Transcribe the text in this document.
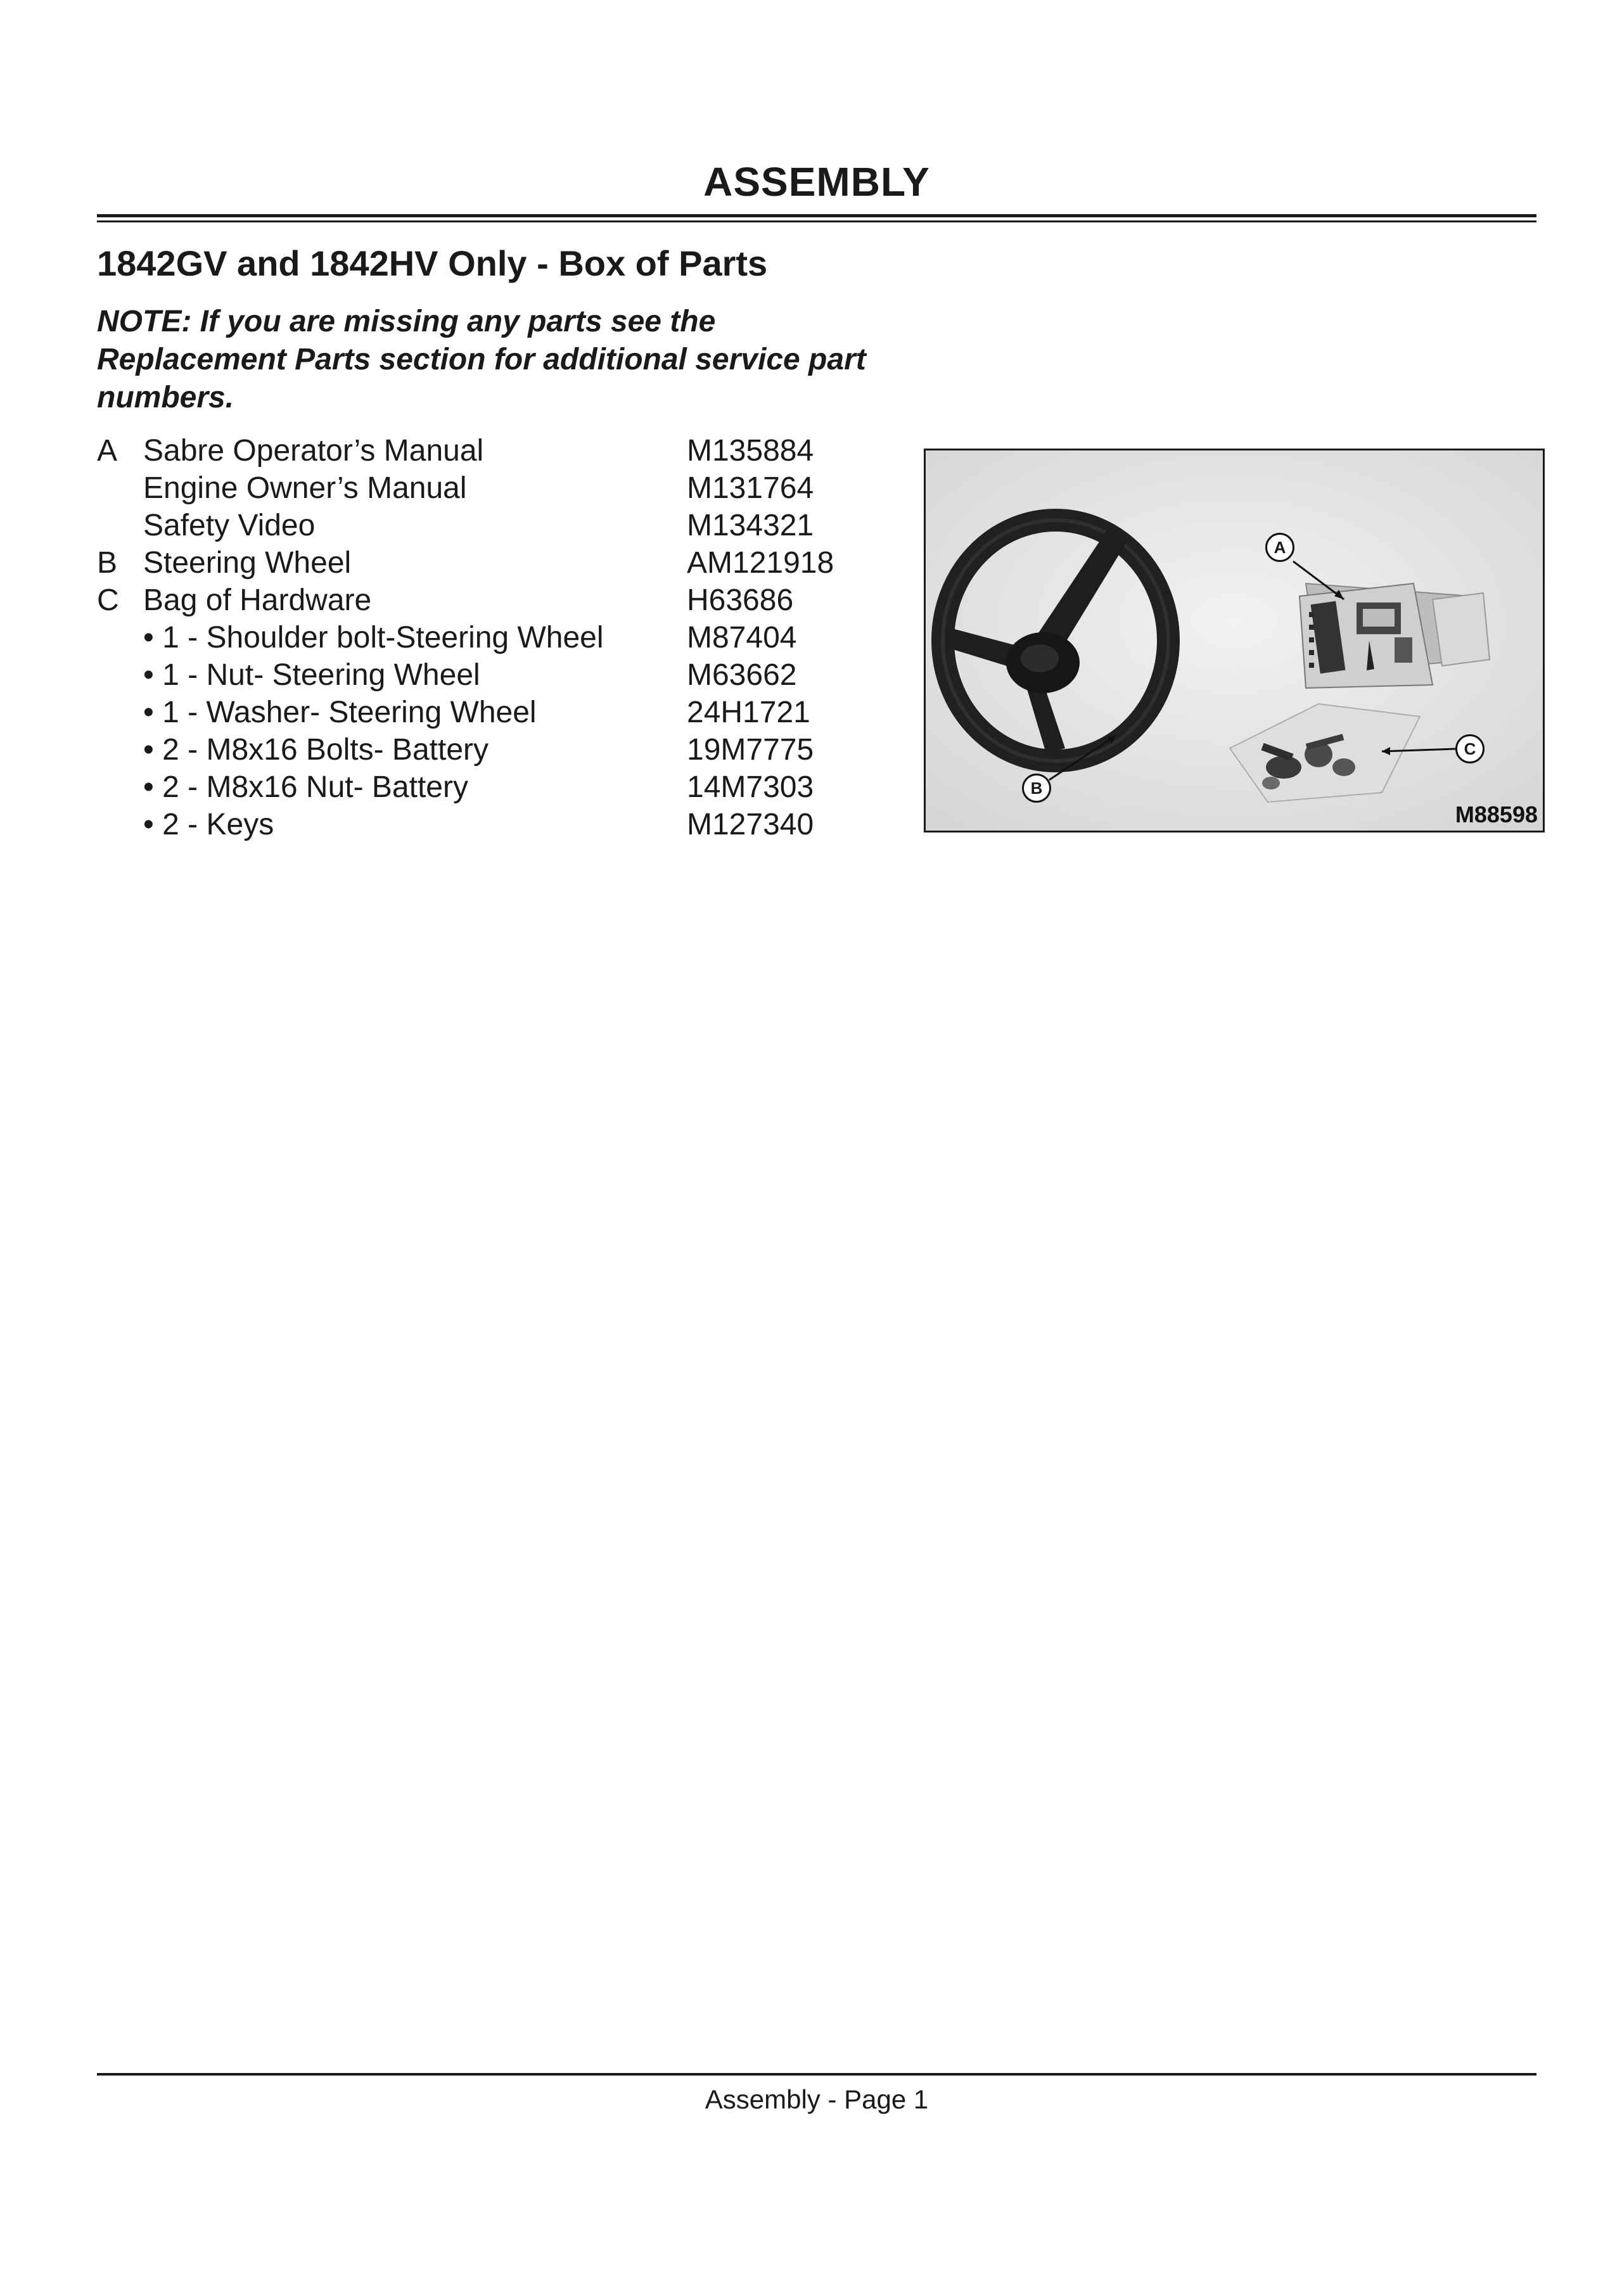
ASSEMBLY
1842GV and 1842HV Only - Box of Parts
NOTE: If you are missing any parts see the Replacement Parts section for additional service part numbers.
A Sabre Operator’s Manual	M135884
Engine Owner’s Manual	M131764
Safety Video	M134321
B Steering Wheel	AM121918
C Bag of Hardware	H63686
• 1 - Shoulder bolt-Steering Wheel	M87404
• 1 - Nut- Steering Wheel	M63662
• 1 - Washer- Steering Wheel	24H1721
• 2 - M8x16 Bolts- Battery	19M7775
• 2 - M8x16 Nut- Battery	14M7303
• 2 - Keys	M127340
A
B
C
M88598
Assembly - Page 1
